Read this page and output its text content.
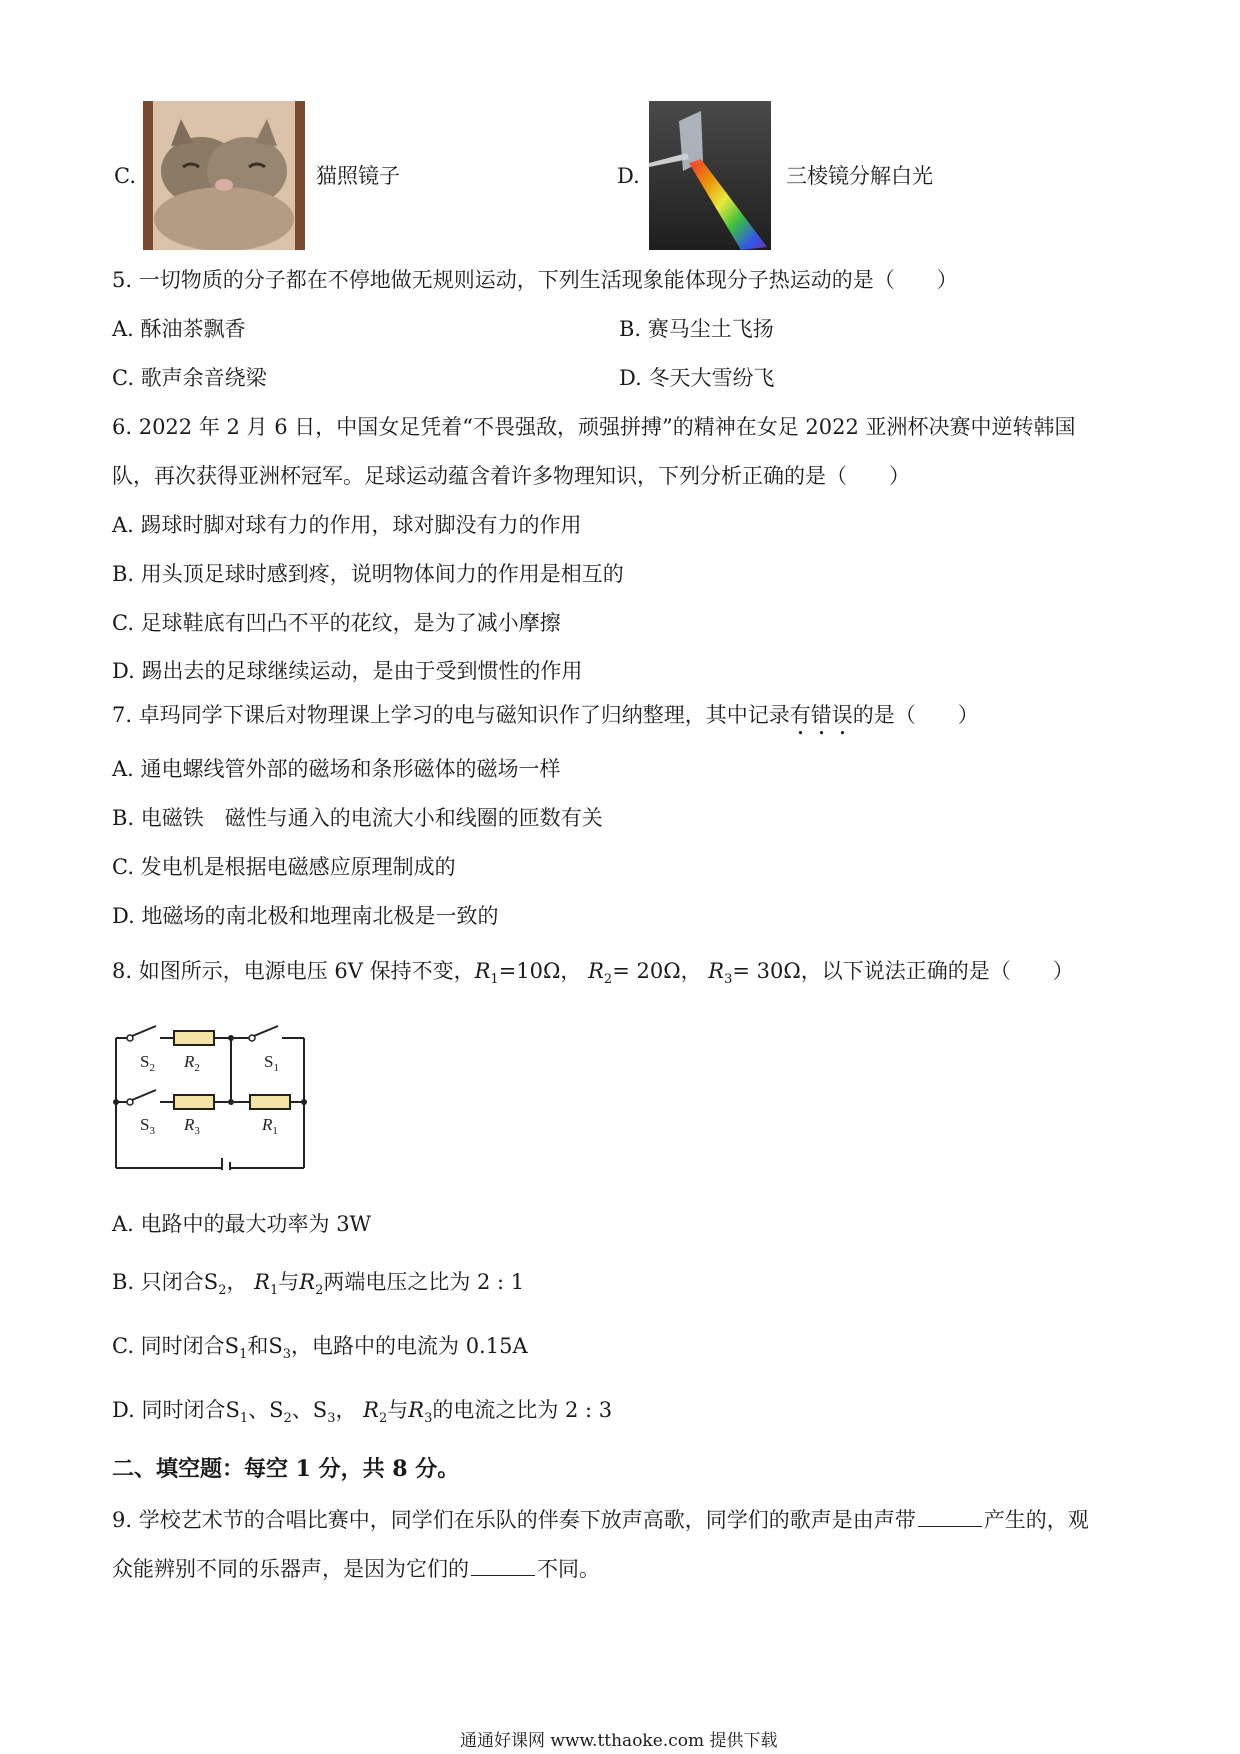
C.	猫照镜子	D.	三棱镜分解白光
5. 一切物质的分子都在不停地做无规则运动，下列生活现象能体现分子热运动的是（　　）
A. 酥油茶飘香	B. 赛马尘土飞扬
C. 歌声余音绕梁	D. 冬天大雪纷飞
6. 2022 年 2 月 6 日，中国女足凭着“不畏强敌，顽强拼搏”的精神在女足 2022 亚洲杯决赛中逆转韩国
队，再次获得亚洲杯冠军。足球运动蕴含着许多物理知识，下列分析正确的是（　　）
A. 踢球时脚对球有力的作用，球对脚没有力的作用
B. 用头顶足球时感到疼，说明物体间力的作用是相互的
C. 足球鞋底有凹凸不平的花纹，是为了减小摩擦
D. 踢出去的足球继续运动，是由于受到惯性的作用
7. 卓玛同学下课后对物理课上学习的电与磁知识作了归纳整理，其中记录有错误的是（　　）
A. 通电螺线管外部的磁场和条形磁体的磁场一样
B. 电磁铁　磁性与通入的电流大小和线圈的匝数有关
C. 发电机是根据电磁感应原理制成的
D. 地磁场的南北极和地理南北极是一致的
8. 如图所示，电源电压 6V 保持不变，$R_1=10\Omega$， $R_2= 20\Omega$， $R_3= 30\Omega$，以下说法正确的是（　　）
$S_2$ $R_2$	$S_1$
$S_3$ $R_3$	$R_1$
A. 电路中的最大功率为 3W
B. 只闭合$S_2$， $R_1$与$R_2$两端电压之比为 2 : 1
C. 同时闭合$S_1$和$S_3$，电路中的电流为 0.15A
D. 同时闭合$S_1$、$S_2$、$S_3$， $R_2$与$R_3$的电流之比为 2 : 3
二、填空题：每空 1 分，共 8 分。
9. 学校艺术节的合唱比赛中，同学们在乐队的伴奏下放声高歌，同学们的歌声是由声带	产生的，观
众能辨别不同的乐器声，是因为它们的	不同。
通通好课网 www.tthaoke.com 提供下载
